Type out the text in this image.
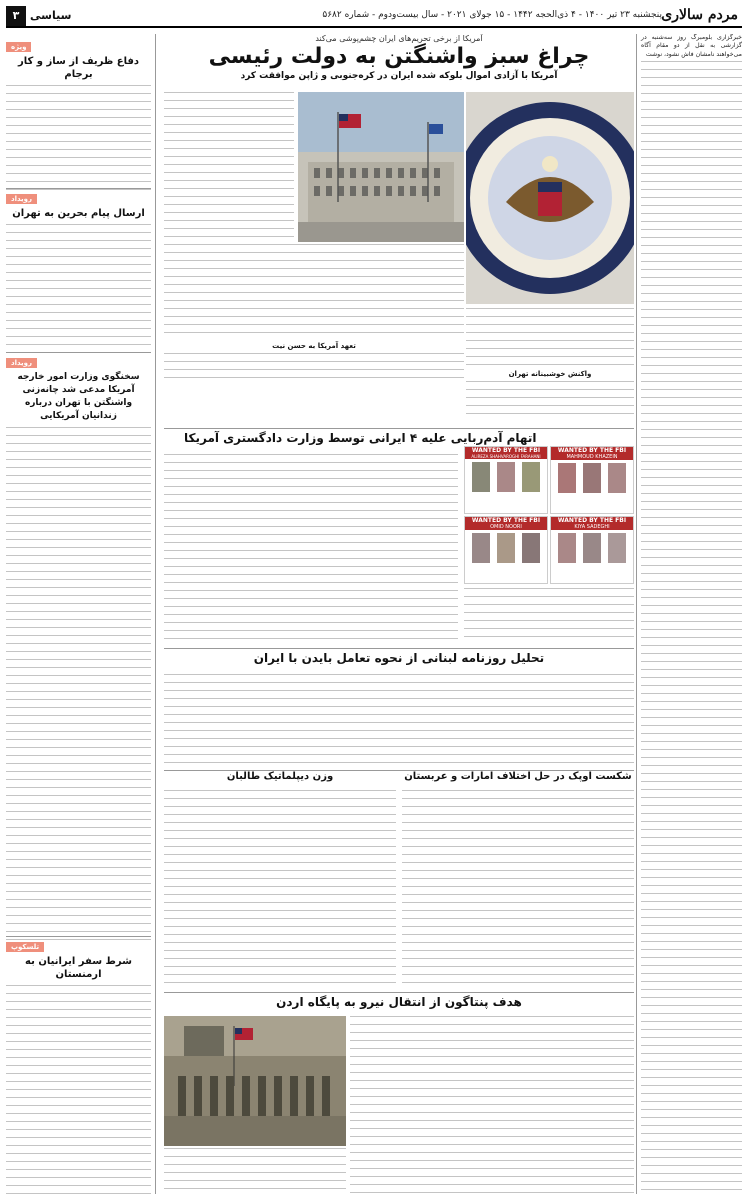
مردم سالاری
پنجشنبه ۲۳ تیر ۱۴۰۰ - ۴ ذی‌الحجه ۱۴۴۲ - ۱۵ جولای ۲۰۲۱ - سال بیست‌ودوم - شماره ۵۶۸۲
سیاسی
۳
خبرگزاری بلومبرگ روز سه‌شنبه در گزارشی به نقل از دو مقام آگاه می‌خواهند نامشان فاش نشود، نوشت
ویژه
دفاع ظریف از ساز و کار برجام
رویداد
ارسال پیام بحرین به تهران
رویداد
سخنگوی وزارت امور خارجه آمریکا مدعی شد چانه‌زنی واشنگتن با تهران درباره زندانیان آمریکایی
تلسکوپ
شرط سفر ایرانیان به ارمنستان
آمریکا از برخی تحریم‌های ایران چشم‌پوشی می‌کند
چراغ سبز واشنگتن به دولت رئیسی
آمریکا با آزادی اموال بلوکه شده ایران در کره‌جنوبی و ژاپن موافقت کرد
تعهد آمریکا به حسن نیت
واکنش خوشبینانه تهران
اتهام آدم‌ربایی علیه ۴ ایرانی توسط وزارت دادگستری آمریکا
WANTED BY THE FBI
MAHMOUD KHAZEIN
WANTED BY THE FBI
ALIREZA SHAHVAROGHI FARAHANI
WANTED BY THE FBI
KIYA SADEGHI
WANTED BY THE FBI
OMID NOORI
تحلیل روزنامه لبنانی از نحوه تعامل بایدن با ایران
شکست اوپک در حل اختلاف امارات و عربستان
وزن دیپلماتیک طالبان
هدف پنتاگون از انتقال نیرو به پایگاه اردن
